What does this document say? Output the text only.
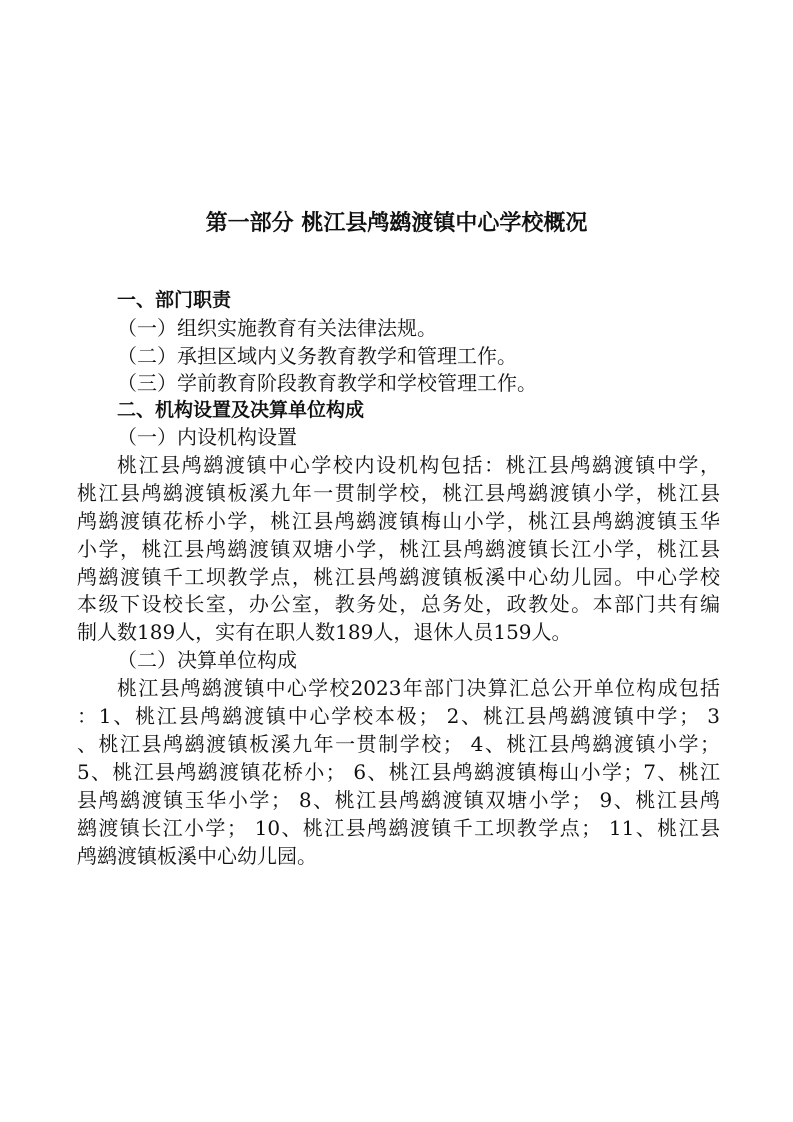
第一部分 桃江县鸬鹚渡镇中心学校概况
一、部门职责
（一）组织实施教育有关法律法规。
（二）承担区域内义务教育教学和管理工作。
（三）学前教育阶段教育教学和学校管理工作。
二、机构设置及决算单位构成
（一）内设机构设置
桃江县鸬鹚渡镇中心学校内设机构包括：桃江县鸬鹚渡镇中学，
桃江县鸬鹚渡镇板溪九年一贯制学校，桃江县鸬鹚渡镇小学，桃江县
鸬鹚渡镇花桥小学，桃江县鸬鹚渡镇梅山小学，桃江县鸬鹚渡镇玉华
小学，桃江县鸬鹚渡镇双塘小学，桃江县鸬鹚渡镇长江小学，桃江县
鸬鹚渡镇千工坝教学点，桃江县鸬鹚渡镇板溪中心幼儿园。中心学校
本级下设校长室，办公室，教务处，总务处，政教处。本部门共有编
制人数189人，实有在职人数189人，退休人员159人。
（二）决算单位构成
桃江县鸬鹚渡镇中心学校2023年部门决算汇总公开单位构成包括
：1、桃江县鸬鹚渡镇中心学校本极； 2、桃江县鸬鹚渡镇中学； 3
、桃江县鸬鹚渡镇板溪九年一贯制学校； 4、桃江县鸬鹚渡镇小学；
5、桃江县鸬鹚渡镇花桥小； 6、桃江县鸬鹚渡镇梅山小学；7、桃江
县鸬鹚渡镇玉华小学； 8、桃江县鸬鹚渡镇双塘小学； 9、桃江县鸬
鹚渡镇长江小学； 10、桃江县鸬鹚渡镇千工坝教学点； 11、桃江县
鸬鹚渡镇板溪中心幼儿园。
